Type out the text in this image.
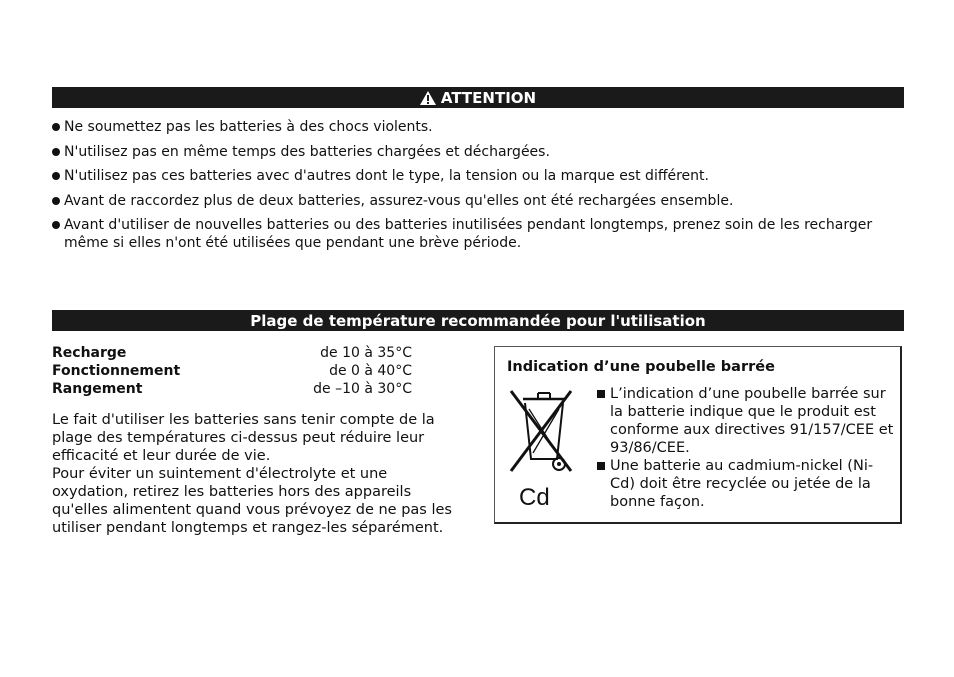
ATTENTION
Ne soumettez pas les batteries à des chocs violents.
N'utilisez pas en même temps des batteries chargées et déchargées.
N'utilisez pas ces batteries avec d'autres dont le type, la tension ou la marque est différent.
Avant de raccordez plus de deux batteries, assurez-vous qu'elles ont été rechargées ensemble.
Avant d'utiliser de nouvelles batteries ou des batteries inutilisées pendant longtemps, prenez soin de les recharger même si elles n'ont été utilisées que pendant une brève période.
Plage de température recommandée pour l'utilisation
Recharge	de 10 à 35°C
Fonctionnement	de 0 à 40°C
Rangement	de –10 à 30°C
Le fait d'utiliser les batteries sans tenir compte de la plage des températures ci-dessus peut réduire leur efficacité et leur durée de vie.
Pour éviter un suintement d'électrolyte et une oxydation, retirez les batteries hors des appareils qu'elles alimentent quand vous prévoyez de ne pas les utiliser pendant longtemps et rangez-les séparément.
Indication d’une poubelle barrée
Cd
L’indication d’une poubelle barrée sur la batterie indique que le produit est conforme aux directives 91/157/CEE et 93/86/CEE.
Une batterie au cadmium-nickel (Ni-Cd) doit être recyclée ou jetée de la bonne façon.
